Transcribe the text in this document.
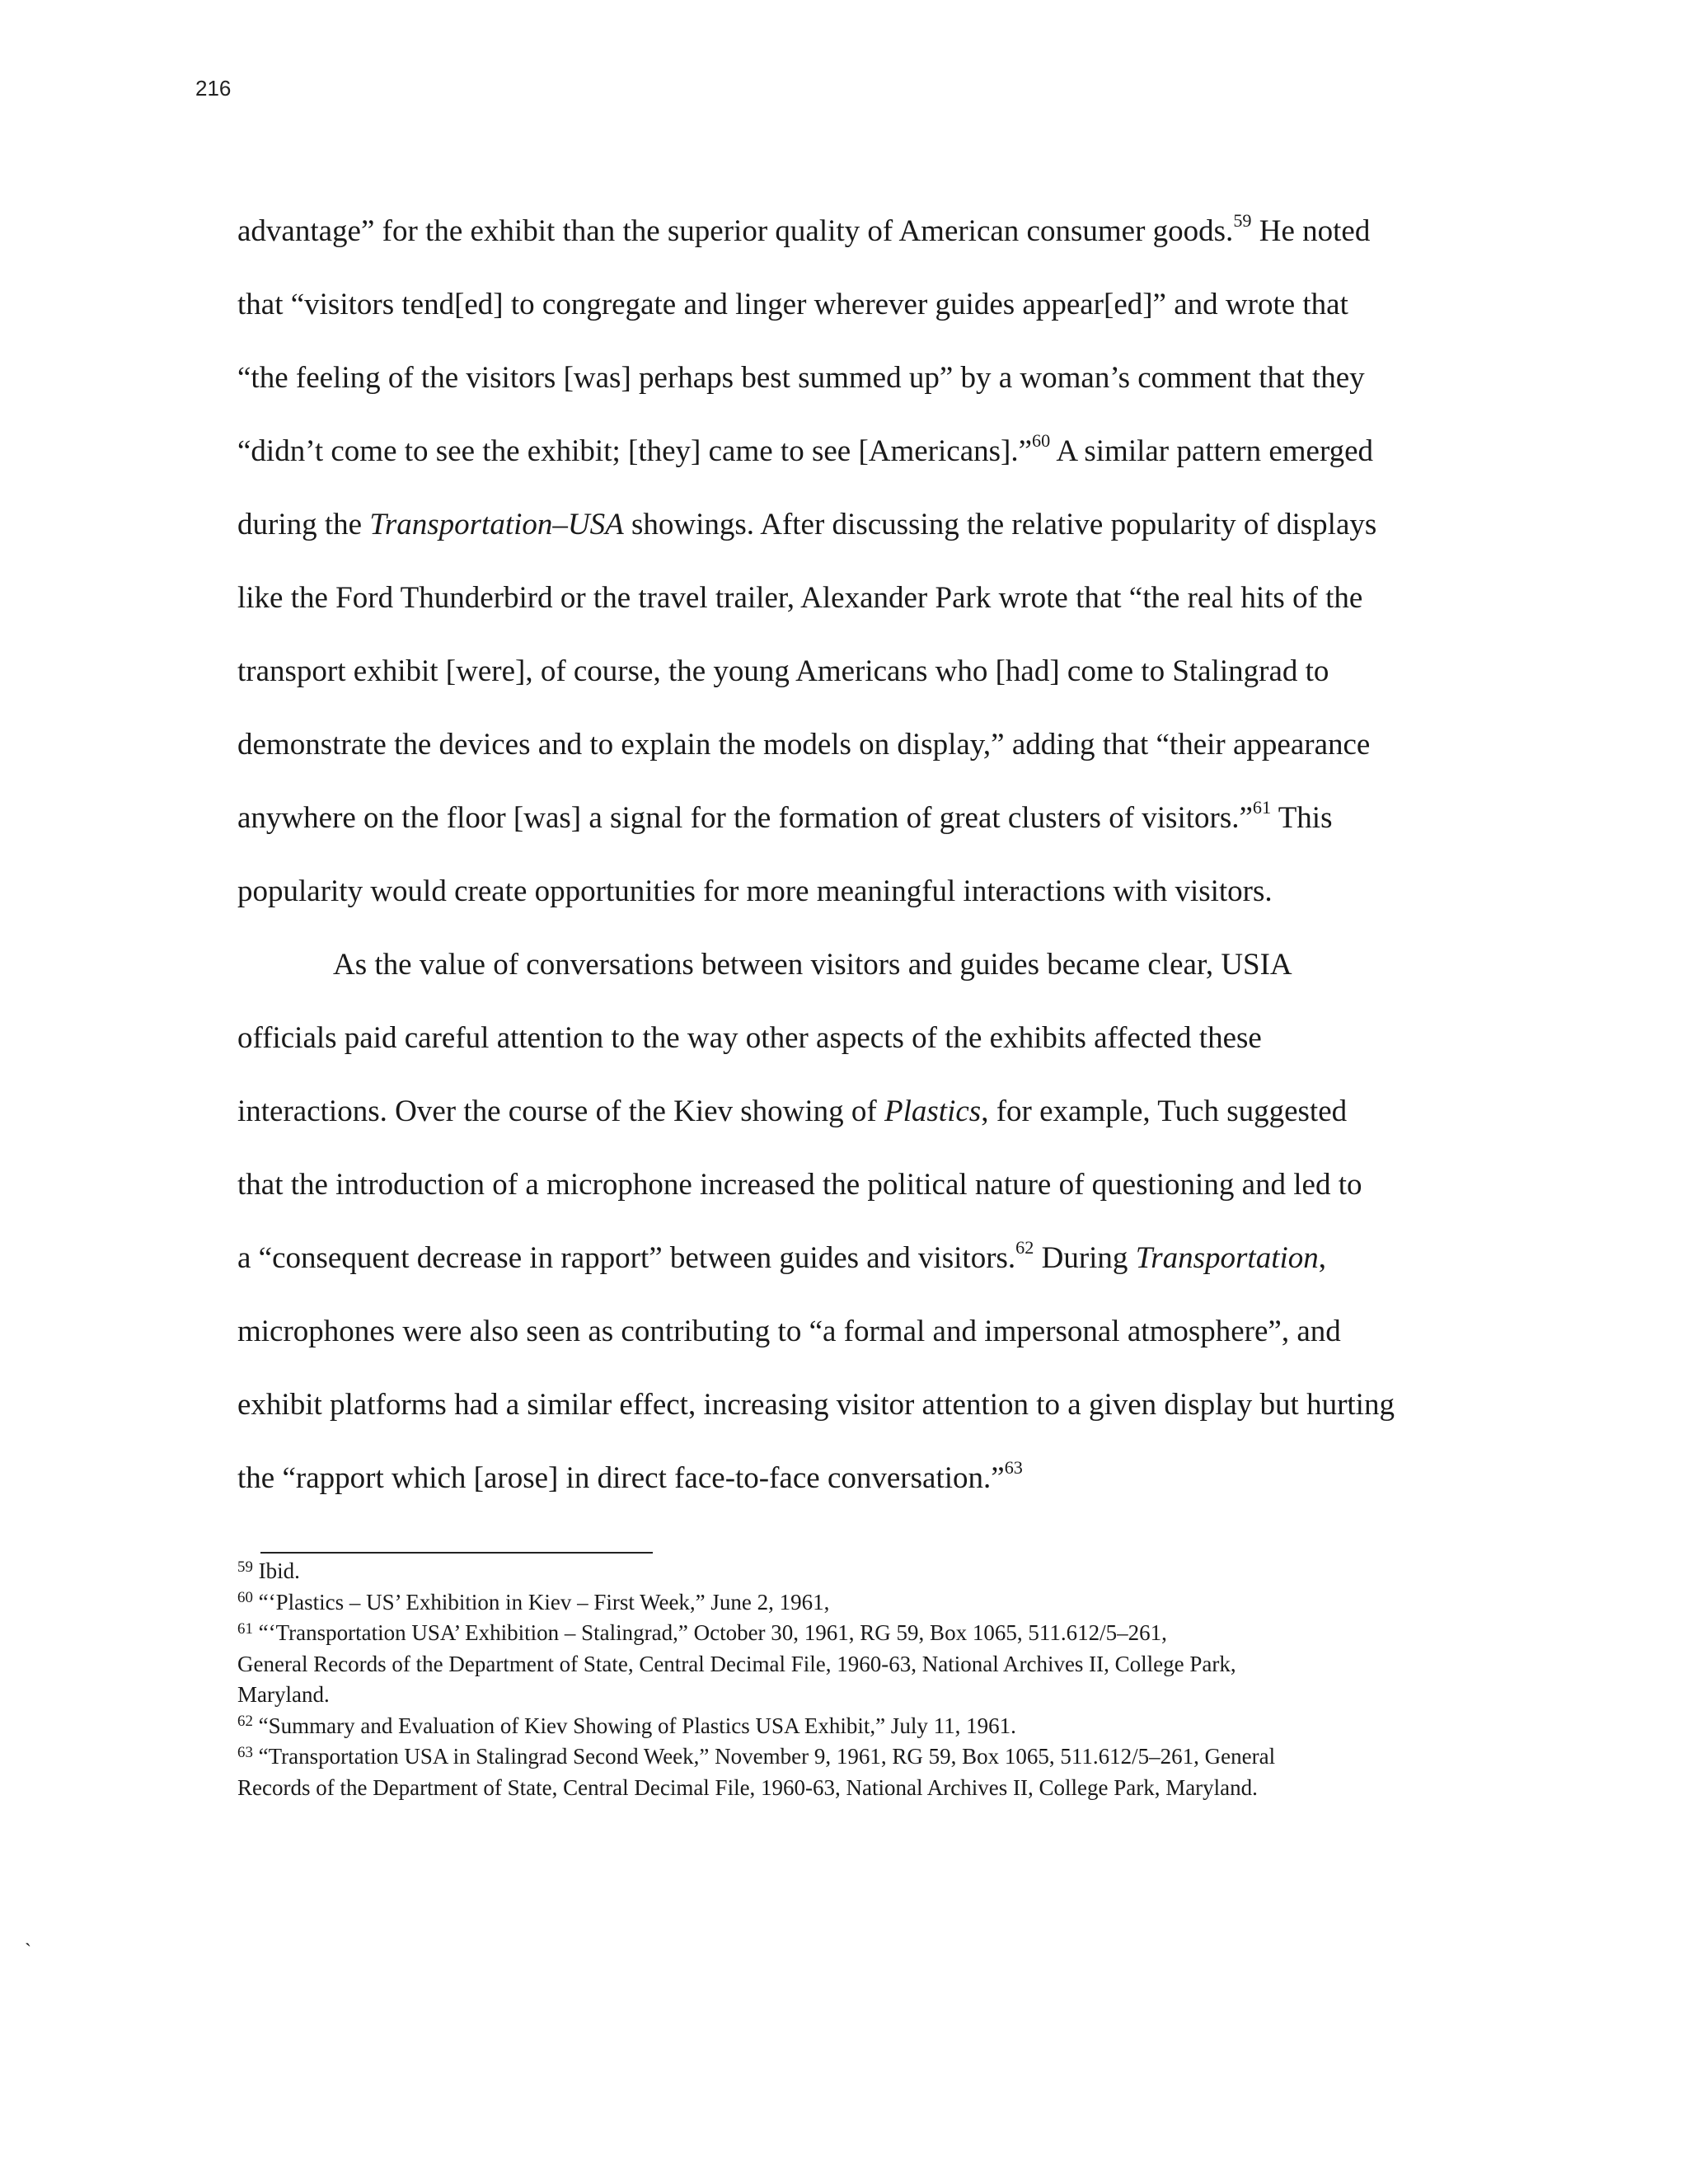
216
advantage” for the exhibit than the superior quality of American consumer goods.$^{59}$ He noted
that “visitors tend[ed] to congregate and linger wherever guides appear[ed]” and wrote that
“the feeling of the visitors [was] perhaps best summed up” by a woman’s comment that they
“didn’t come to see the exhibit; [they] came to see [Americans].”$^{60}$ A similar pattern emerged
during the Transportation–USA showings. After discussing the relative popularity of displays
like the Ford Thunderbird or the travel trailer, Alexander Park wrote that “the real hits of the
transport exhibit [were], of course, the young Americans who [had] come to Stalingrad to
demonstrate the devices and to explain the models on display,” adding that “their appearance
anywhere on the floor [was] a signal for the formation of great clusters of visitors.”$^{61}$ This
popularity would create opportunities for more meaningful interactions with visitors.
As the value of conversations between visitors and guides became clear, USIA
officials paid careful attention to the way other aspects of the exhibits affected these
interactions. Over the course of the Kiev showing of Plastics, for example, Tuch suggested
that the introduction of a microphone increased the political nature of questioning and led to
a “consequent decrease in rapport” between guides and visitors.$^{62}$ During Transportation,
microphones were also seen as contributing to “a formal and impersonal atmosphere”, and
exhibit platforms had a similar effect, increasing visitor attention to a given display but hurting
the “rapport which [arose] in direct face-to-face conversation.”$^{63}$
$^{59}$ Ibid.
$^{60}$ “‘Plastics – US’ Exhibition in Kiev – First Week,” June 2, 1961,
$^{61}$ “‘Transportation USA’ Exhibition – Stalingrad,” October 30, 1961, RG 59, Box 1065, 511.612/5–261,
General Records of the Department of State, Central Decimal File, 1960-63, National Archives II, College Park,
Maryland.
$^{62}$ “Summary and Evaluation of Kiev Showing of Plastics USA Exhibit,” July 11, 1961.
$^{63}$ “Transportation USA in Stalingrad Second Week,” November 9, 1961, RG 59, Box 1065, 511.612/5–261, General
Records of the Department of State, Central Decimal File, 1960-63, National Archives II, College Park, Maryland.
`
